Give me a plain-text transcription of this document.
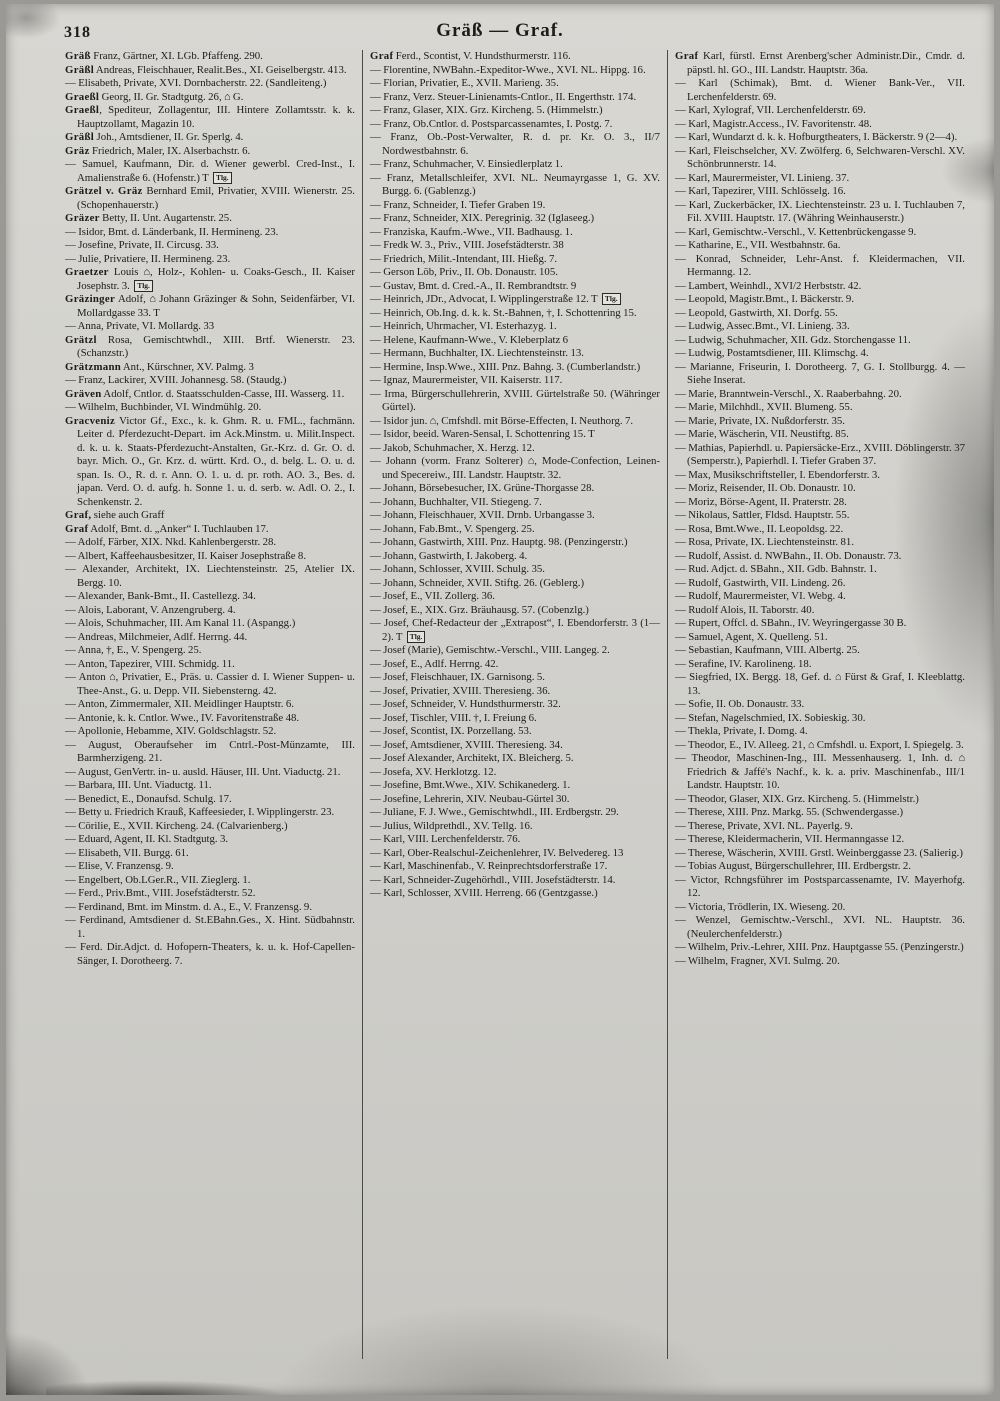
318	Gräß — Graf.
Gräß Franz, Gärtner, XI. LGb. Pfaffeng. 290.
Gräßl Andreas, Fleischhauer, Realit.Bes., XI. Geiselbergstr. 413.
— Elisabeth, Private, XVI. Dornbacherstr. 22. (Sandleiteng.)
Graeßl Georg, II. Gr. Stadtgutg. 26, ⌂ G.
Graeßl, Spediteur, Zollagentur, III. Hintere Zollamtsstr. k. k. Hauptzollamt, Magazin 10.
Gräßl Joh., Amtsdiener, II. Gr. Sperlg. 4.
Gräz Friedrich, Maler, IX. Alserbachstr. 6.
— Samuel, Kaufmann, Dir. d. Wiener gewerbl. Cred-Inst., I. Amalienstraße 6. (Hofenstr.) T Tlg.
Grätzel v. Gräz Bernhard Emil, Privatier, XVIII. Wienerstr. 25. (Schopenhauerstr.)
Gräzer Betty, II. Unt. Augartenstr. 25.
— Isidor, Bmt. d. Länderbank, II. Hermineng. 23.
— Josefine, Private, II. Circusg. 33.
— Julie, Privatiere, II. Hermineng. 23.
Graetzer Louis ⌂, Holz-, Kohlen- u. Coaks-Gesch., II. Kaiser Josephstr. 3. Tlg.
Gräzinger Adolf, ⌂ Johann Gräzinger & Sohn, Seidenfärber, VI. Mollardgasse 33. T
— Anna, Private, VI. Mollardg. 33
Grätzl Rosa, Gemischtwhdl., XIII. Brtf. Wienerstr. 23. (Schanzstr.)
Grätzmann Ant., Kürschner, XV. Palmg. 3
— Franz, Lackirer, XVIII. Johannesg. 58. (Staudg.)
Gräven Adolf, Cntlor. d. Staatsschulden-Casse, III. Wasserg. 11.
— Wilhelm, Buchbinder, VI. Windmühlg. 20.
Gracveniz Victor Gf., Exc., k. k. Ghm. R. u. FML., fachmänn. Leiter d. Pferdezucht-Depart. im Ack.Minstm. u. Milit.Inspect. d. k. u. k. Staats-Pferdezucht-Anstalten, Gr.-Krz. d. Gr. O. d. bayr. Mich. O., Gr. Krz. d. württ. Krd. O., d. belg. L. O. u. d. span. Is. O., R. d. r. Ann. O. 1. u. d. pr. roth. AO. 3., Bes. d. japan. Verd. O. d. aufg. h. Sonne 1. u. d. serb. w. Adl. O. 2., I. Schenkenstr. 2.
Graf, siehe auch Graff
Graf Adolf, Bmt. d. „Anker“ I. Tuchlauben 17.
— Adolf, Färber, XIX. Nkd. Kahlenbergerstr. 28.
— Albert, Kaffeehausbesitzer, II. Kaiser Josephstraße 8.
— Alexander, Architekt, IX. Liechtensteinstr. 25, Atelier IX. Bergg. 10.
— Alexander, Bank-Bmt., II. Castellezg. 34.
— Alois, Laborant, V. Anzengruberg. 4.
— Alois, Schuhmacher, III. Am Kanal 11. (Aspangg.)
— Andreas, Milchmeier, Adlf. Herrng. 44.
— Anna, †, E., V. Spengerg. 25.
— Anton, Tapezirer, VIII. Schmidg. 11.
— Anton ⌂, Privatier, E., Präs. u. Cassier d. I. Wiener Suppen- u. Thee-Anst., G. u. Depp. VII. Siebensterng. 42.
— Anton, Zimmermaler, XII. Meidlinger Hauptstr. 6.
— Antonie, k. k. Cntlor. Wwe., IV. Favoritenstraße 48.
— Apollonie, Hebamme, XIV. Goldschlagstr. 52.
— August, Oberaufseher im Cntrl.-Post-Münzamte, III. Barmherzigeng. 21.
— August, GenVertr. in- u. ausld. Häuser, III. Unt. Viaductg. 21.
— Barbara, III. Unt. Viaductg. 11.
— Benedict, E., Donaufsd. Schulg. 17.
— Betty u. Friedrich Krauß, Kaffeesieder, I. Wipplingerstr. 23.
— Cörilie, E., XVII. Kircheng. 24. (Calvarienberg.)
— Eduard, Agent, II. Kl. Stadtgutg. 3.
— Elisabeth, VII. Burgg. 61.
— Elise, V. Franzensg. 9.
— Engelbert, Ob.LGer.R., VII. Zieglerg. 1.
— Ferd., Priv.Bmt., VIII. Josefstädterstr. 52.
— Ferdinand, Bmt. im Minstm. d. A., E., V. Franzensg. 9.
— Ferdinand, Amtsdiener d. St.EBahn.Ges., X. Hint. Südbahnstr. 1.
— Ferd. Dir.Adjct. d. Hofopern-Theaters, k. u. k. Hof-Capellen-Sänger, I. Dorotheerg. 7.
Graf Ferd., Scontist, V. Hundsthurmerstr. 116.
— Florentine, NWBahn.-Expeditor-Wwe., XVI. NL. Hippg. 16.
— Florian, Privatier, E., XVII. Marieng. 35.
— Franz, Verz. Steuer-Linienamts-Cntlor., II. Engerthstr. 174.
— Franz, Glaser, XIX. Grz. Kircheng. 5. (Himmelstr.)
— Franz, Ob.Cntlor. d. Postsparcassenamtes, I. Postg. 7.
— Franz, Ob.-Post-Verwalter, R. d. pr. Kr. O. 3., II/7 Nordwestbahnstr. 6.
— Franz, Schuhmacher, V. Einsiedlerplatz 1.
— Franz, Metallschleifer, XVI. NL. Neumayrgasse 1, G. XV. Burgg. 6. (Gablenzg.)
— Franz, Schneider, I. Tiefer Graben 19.
— Franz, Schneider, XIX. Peregrinig. 32 (Iglaseeg.)
— Franziska, Kaufm.-Wwe., VII. Badhausg. 1.
— Fredk W. 3., Priv., VIII. Josefstädterstr. 38
— Friedrich, Milit.-Intendant, III. Hießg. 7.
— Gerson Löb, Priv., II. Ob. Donaustr. 105.
— Gustav, Bmt. d. Cred.-A., II. Rembrandtstr. 9
— Heinrich, JDr., Advocat, I. Wipplingerstraße 12. T Tlg.
— Heinrich, Ob.Ing. d. k. k. St.-Bahnen, †, I. Schottenring 15.
— Heinrich, Uhrmacher, VI. Esterhazyg. 1.
— Helene, Kaufmann-Wwe., V. Kleberplatz 6
— Hermann, Buchhalter, IX. Liechtensteinstr. 13.
— Hermine, Insp.Wwe., XIII. Pnz. Bahng. 3. (Cumberlandstr.)
— Ignaz, Maurermeister, VII. Kaiserstr. 117.
— Irma, Bürgerschullehrerin, XVIII. Gürtelstraße 50. (Währinger Gürtel).
— Isidor jun. ⌂, Cmfshdl. mit Börse-Effecten, I. Neuthorg. 7.
— Isidor, beeid. Waren-Sensal, I. Schottenring 15. T
— Jakob, Schuhmacher, X. Herzg. 12.
— Johann (vorm. Franz Solterer) ⌂, Mode-Confection, Leinen- und Specereiw., III. Landstr. Hauptstr. 32.
— Johann, Börsebesucher, IX. Grüne-Thorgasse 28.
— Johann, Buchhalter, VII. Stiegeng. 7.
— Johann, Fleischhauer, XVII. Drnb. Urbangasse 3.
— Johann, Fab.Bmt., V. Spengerg. 25.
— Johann, Gastwirth, XIII. Pnz. Hauptg. 98. (Penzingerstr.)
— Johann, Gastwirth, I. Jakoberg. 4.
— Johann, Schlosser, XVIII. Schulg. 35.
— Johann, Schneider, XVII. Stiftg. 26. (Geblerg.)
— Josef, E., VII. Zollerg. 36.
— Josef, E., XIX. Grz. Bräuhausg. 57. (Cobenzlg.)
— Josef, Chef-Redacteur der „Extrapost“, I. Ebendorferstr. 3 (1—2). T Tlg.
— Josef (Marie), Gemischtw.-Verschl., VIII. Langeg. 2.
— Josef, E., Adlf. Herrng. 42.
— Josef, Fleischhauer, IX. Garnisong. 5.
— Josef, Privatier, XVIII. Theresieng. 36.
— Josef, Schneider, V. Hundsthurmerstr. 32.
— Josef, Tischler, VIII. †, I. Freiung 6.
— Josef, Scontist, IX. Porzellang. 53.
— Josef, Amtsdiener, XVIII. Theresieng. 34.
— Josef Alexander, Architekt, IX. Bleicherg. 5.
— Josefa, XV. Herklotzg. 12.
— Josefine, Bmt.Wwe., XIV. Schikanederg. 1.
— Josefine, Lehrerin, XIV. Neubau-Gürtel 30.
— Juliane, F. J. Wwe., Gemischtwhdl., III. Erdbergstr. 29.
— Julius, Wildprethdl., XV. Tellg. 16.
— Karl, VIII. Lerchenfelderstr. 76.
— Karl, Ober-Realschul-Zeichenlehrer, IV. Belvedereg. 13
— Karl, Maschinenfab., V. Reinprechtsdorferstraße 17.
— Karl, Schneider-Zugehörhdl., VIII. Josefstädterstr. 14.
— Karl, Schlosser, XVIII. Herreng. 66 (Gentzgasse.)
Graf Karl, fürstl. Ernst Arenberg'scher Administr.Dir., Cmdr. d. päpstl. hl. GO., III. Landstr. Hauptstr. 36a.
— Karl (Schimak), Bmt. d. Wiener Bank-Ver., VII. Lerchenfelderstr. 69.
— Karl, Xylograf, VII. Lerchenfelderstr. 69.
— Karl, Magistr.Access., IV. Favoritenstr. 48.
— Karl, Wundarzt d. k. k. Hofburgtheaters, I. Bäckerstr. 9 (2—4).
— Karl, Fleischselcher, XV. Zwölferg. 6, Selchwaren-Verschl. XV. Schönbrunnerstr. 14.
— Karl, Maurermeister, VI. Linieng. 37.
— Karl, Tapezirer, VIII. Schlösselg. 16.
— Karl, Zuckerbäcker, IX. Liechtensteinstr. 23 u. I. Tuchlauben 7, Fil. XVIII. Hauptstr. 17. (Währing Weinhauserstr.)
— Karl, Gemischtw.-Verschl., V. Kettenbrückengasse 9.
— Katharine, E., VII. Westbahnstr. 6a.
— Konrad, Schneider, Lehr-Anst. f. Kleidermachen, VII. Hermanng. 12.
— Lambert, Weinhdl., XVI/2 Herbststr. 42.
— Leopold, Magistr.Bmt., I. Bäckerstr. 9.
— Leopold, Gastwirth, XI. Dorfg. 55.
— Ludwig, Assec.Bmt., VI. Linieng. 33.
— Ludwig, Schuhmacher, XII. Gdz. Storchengasse 11.
— Ludwig, Postamtsdiener, III. Klimschg. 4.
— Marianne, Friseurin, I. Dorotheerg. 7, G. I. Stollburgg. 4. — Siehe Inserat.
— Marie, Branntwein-Verschl., X. Raaberbahng. 20.
— Marie, Milchhdl., XVII. Blumeng. 55.
— Marie, Private, IX. Nußdorferstr. 35.
— Marie, Wäscherin, VII. Neustiftg. 85.
— Mathias, Papierhdl. u. Papiersäcke-Erz., XVIII. Döblingerstr. 37 (Semperstr.), Papierhdl. I. Tiefer Graben 37.
— Max, Musikschriftsteller, I. Ebendorferstr. 3.
— Moriz, Reisender, II. Ob. Donaustr. 10.
— Moriz, Börse-Agent, II. Praterstr. 28.
— Nikolaus, Sattler, Fldsd. Hauptstr. 55.
— Rosa, Bmt.Wwe., II. Leopoldsg. 22.
— Rosa, Private, IX. Liechtensteinstr. 81.
— Rudolf, Assist. d. NWBahn., II. Ob. Donaustr. 73.
— Rud. Adjct. d. SBahn., XII. Gdb. Bahnstr. 1.
— Rudolf, Gastwirth, VII. Lindeng. 26.
— Rudolf, Maurermeister, VI. Webg. 4.
— Rudolf Alois, II. Taborstr. 40.
— Rupert, Offcl. d. SBahn., IV. Weyringergasse 30 B.
— Samuel, Agent, X. Quelleng. 51.
— Sebastian, Kaufmann, VIII. Albertg. 25.
— Serafine, IV. Karolineng. 18.
— Siegfried, IX. Bergg. 18, Gef. d. ⌂ Fürst & Graf, I. Kleeblattg. 13.
— Sofie, II. Ob. Donaustr. 33.
— Stefan, Nagelschmied, IX. Sobieskig. 30.
— Thekla, Private, I. Domg. 4.
— Theodor, E., IV. Alleeg. 21, ⌂ Cmfshdl. u. Export, I. Spiegelg. 3.
— Theodor, Maschinen-Ing., III. Messenhauserg. 1, Inh. d. ⌂ Friedrich & Jaffé's Nachf., k. k. a. priv. Maschinenfab., III/1 Landstr. Hauptstr. 10.
— Theodor, Glaser, XIX. Grz. Kircheng. 5. (Himmelstr.)
— Therese, XIII. Pnz. Markg. 55. (Schwendergasse.)
— Therese, Private, XVI. NL. Payerlg. 9.
— Therese, Kleidermacherin, VII. Hermanngasse 12.
— Therese, Wäscherin, XVIII. Grstl. Weinberggasse 23. (Salierig.)
— Tobias August, Bürgerschullehrer, III. Erdbergstr. 2.
— Victor, Rchngsführer im Postsparcassenamte, IV. Mayerhofg. 12.
— Victoria, Trödlerin, IX. Wieseng. 20.
— Wenzel, Gemischtw.-Verschl., XVI. NL. Hauptstr. 36. (Neulerchenfelderstr.)
— Wilhelm, Priv.-Lehrer, XIII. Pnz. Hauptgasse 55. (Penzingerstr.)
— Wilhelm, Fragner, XVI. Sulmg. 20.
